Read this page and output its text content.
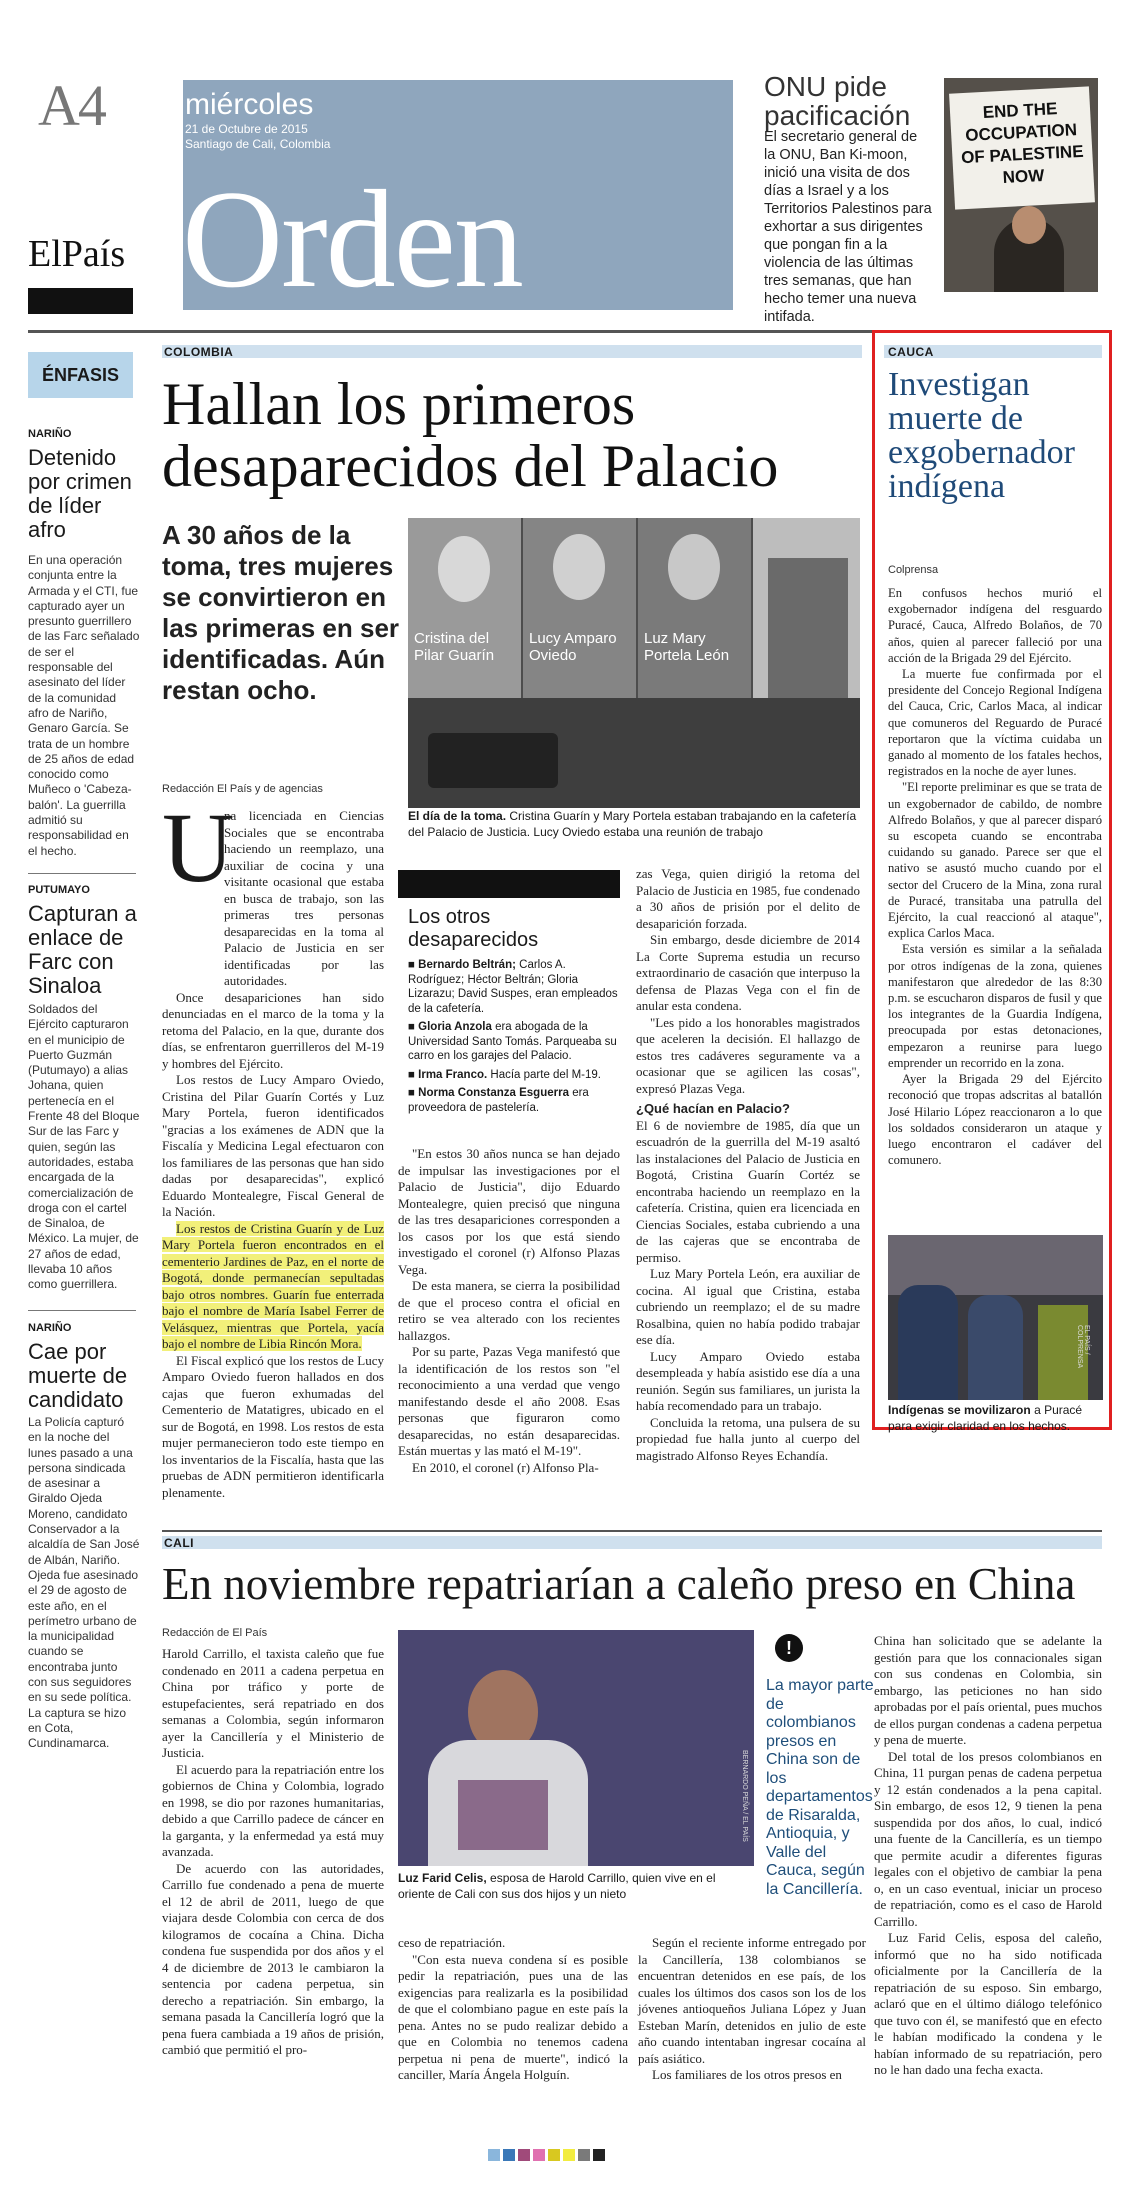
A4
ElPaís
miércoles
21 de Octubre de 2015
Santiago de Cali, Colombia
Orden
ONU pide pacificación
El secretario general de la ONU, Ban Ki-moon, inició una visita de dos días a Israel y a los Territorios Palestinos para exhortar a sus dirigentes que pongan fin a la violencia de las últimas tres semanas, que han hecho temer una nueva intifada.
END THE OCCUPATION OF PALESTINE NOW
ÉNFASIS
NARIÑO
Detenido por crimen de líder afro
En una operación conjunta entre la Armada y el CTI, fue capturado ayer un presunto guerrillero de las Farc señalado de ser el responsable del asesinato del líder de la comunidad afro de Nariño, Genaro García. Se trata de un hombre de 25 años de edad conocido como Muñeco o 'Cabeza-balón'. La guerrilla admitió su responsabilidad en el hecho.
PUTUMAYO
Capturan a enlace de Farc con Sinaloa
Soldados del Ejército capturaron en el municipio de Puerto Guzmán (Putumayo) a alias Johana, quien pertenecía en el Frente 48 del Bloque Sur de las Farc y quien, según las autoridades, estaba encargada de la comercialización de droga con el cartel de Sinaloa, de México. La mujer, de 27 años de edad, llevaba 10 años como guerrillera.
NARIÑO
Cae por muerte de candidato
La Policía capturó en la noche del lunes pasado a una persona sindicada de asesinar a Giraldo Ojeda Moreno, candidato Conservador a la alcaldía de San José de Albán, Nariño. Ojeda fue asesinado el 29 de agosto de este año, en el perímetro urbano de la municipalidad cuando se encontraba junto con sus seguidores en su sede política. La captura se hizo en Cota, Cundinamarca.
COLOMBIA
Hallan los primeros desaparecidos del Palacio
A 30 años de la toma, tres mujeres se convirtieron en las primeras en ser identificadas. Aún restan ocho.
Cristina del Pilar Guarín
Lucy Amparo Oviedo
Luz Mary Portela León
El día de la toma. Cristina Guarín y Mary Portela estaban trabajando en la cafetería del Palacio de Justicia. Lucy Oviedo estaba una reunión de trabajo
Redacción El País y de agencias
U

na licenciada en Ciencias Sociales que se encontraba haciendo un reemplazo, una auxiliar de cocina y una visitante ocasional que estaba en busca de trabajo, son las primeras tres personas desaparecidas en la toma al Palacio de Justicia en ser identificadas por las autoridades.

Once desapariciones han sido denunciadas en el marco de la toma y la retoma del Palacio, en la que, durante dos días, se enfrentaron guerrilleros del M-19 y hombres del Ejército.

Los restos de Lucy Amparo Oviedo, Cristina del Pilar Guarín Cortés y Luz Mary Portela, fueron identificados "gracias a los exámenes de ADN que la Fiscalía y Medicina Legal efectuaron con los familiares de las personas que han sido dadas por desaparecidas", explicó Eduardo Montealegre, Fiscal General de la Nación.

Los restos de Cristina Guarín y de Luz Mary Portela fueron encontrados en el cementerio Jardines de Paz, en el norte de Bogotá, donde permanecían sepultadas bajo otros nombres. Guarín fue enterrada bajo el nombre de María Isabel Ferrer de Velásquez, mientras que Portela, yacía bajo el nombre de Libia Rincón Mora.

El Fiscal explicó que los restos de Lucy Amparo Oviedo fueron hallados en dos cajas que fueron exhumadas del Cementerio de Matatigres, ubicado en el sur de Bogotá, en 1998. Los restos de esta mujer permanecieron todo este tiempo en los inventarios de la Fiscalía, hasta que las pruebas de ADN permitieron identificarla plenamente.

Los otros desaparecidos

■ Bernardo Beltrán; Carlos A. Rodríguez; Héctor Beltrán; Gloria Lizarazu; David Suspes, eran empleados de la cafetería.

■ Gloria Anzola era abogada de la Universidad Santo Tomás. Parqueaba su carro en los garajes del Palacio.

■ Irma Franco. Hacía parte del M-19.

■ Norma Constanza Esguerra era proveedora de pastelería.

"En estos 30 años nunca se han dejado de impulsar las investigaciones por el Palacio de Justicia", dijo Eduardo Montealegre, quien precisó que ninguna de las tres desapariciones corresponden a los casos por los que está siendo investigado el coronel (r) Alfonso Plazas Vega.

De esta manera, se cierra la posibilidad de que el proceso contra el oficial en retiro se vea alterado con los recientes hallazgos.

Por su parte, Pazas Vega manifestó que la identificación de los restos son "el reconocimiento a una verdad que vengo manifestando desde el año 2008. Esas personas que figuraron como desaparecidas, no están desaparecidas. Están muertas y las mató el M-19".

En 2010, el coronel (r) Alfonso Pla-

zas Vega, quien dirigió la retoma del Palacio de Justicia en 1985, fue condenado a 30 años de prisión por el delito de desaparición forzada.

Sin embargo, desde diciembre de 2014 La Corte Suprema estudia un recurso extraordinario de casación que interpuso la defensa de Plazas Vega con el fin de anular esta condena.

"Les pido a los honorables magistrados que aceleren la decisión. El hallazgo de estos tres cadáveres seguramente va a ocasionar que se agilicen las cosas", expresó Plazas Vega.

¿Qué hacían en Palacio?

El 6 de noviembre de 1985, día que un escuadrón de la guerrilla del M-19 asaltó las instalaciones del Palacio de Justicia en Bogotá, Cristina Guarín Cortéz se encontraba haciendo un reemplazo en la cafetería. Cristina, quien era licenciada en Ciencias Sociales, estaba cubriendo a una de las cajeras que se encontraba de permiso.

Luz Mary Portela León, era auxiliar de cocina. Al igual que Cristina, estaba cubriendo un reemplazo; el de su madre Rosalbina, quien no había podido trabajar ese día.

Lucy Amparo Oviedo estaba desempleada y había asistido ese día a una reunión. Según sus familiares, un jurista la había recomendado para un trabajo.

Concluida la retoma, una pulsera de su propiedad fue halla junto al cuerpo del magistrado Alfonso Reyes Echandía.

CAUCA
Investigan muerte de exgobernador indígena
Colprensa

En confusos hechos murió el exgobernador indígena del resguardo Puracé, Cauca, Alfredo Bolaños, de 70 años, quien al parecer falleció por una acción de la Brigada 29 del Ejército.

La muerte fue confirmada por el presidente del Concejo Regional Indígena del Cauca, Cric, Carlos Maca, al indicar que comuneros del Reguardo de Puracé reportaron que la víctima cuidaba un ganado al momento de los fatales hechos, registrados en la noche de ayer lunes.

"El reporte preliminar es que se trata de un exgobernador de cabildo, de nombre Alfredo Bolaños, y que al parecer disparó su escopeta cuando se encontraba cuidando su ganado. Parece ser que el nativo se asustó mucho cuando por el sector del Crucero de la Mina, zona rural de Puracé, transitaba una patrulla del Ejército, la cual reaccionó al ataque", explica Carlos Maca.

Esta versión es similar a la señalada por otros indígenas de la zona, quienes manifestaron que alrededor de las 8:30 p.m. se escucharon disparos de fusil y que los integrantes de la Guardia Indígena, preocupada por estas detonaciones, empezaron a reunirse para luego emprender un recorrido en la zona.

Ayer la Brigada 29 del Ejército reconoció que tropas adscritas al batallón José Hilario López reaccionaron a lo que los soldados consideraron un ataque y luego encontraron el cadáver del comunero.

EL PAÍS / COLPRENSA
Indígenas se movilizaron a Puracé para exigir claridad en los hechos.
CALI
En noviembre repatriarían a caleño preso en China
Redacción de El País

Harold Carrillo, el taxista caleño que fue condenado en 2011 a cadena perpetua en China por tráfico y porte de estupefacientes, será repatriado en dos semanas a Colombia, según informaron ayer la Cancillería y el Ministerio de Justicia.

El acuerdo para la repatriación entre los gobiernos de China y Colombia, logrado en 1998, se dio por razones humanitarias, debido a que Carrillo padece de cáncer en la garganta, y la enfermedad ya está muy avanzada.

De acuerdo con las autoridades, Carrillo fue condenado a pena de muerte el 12 de abril de 2011, luego de que viajara desde Colombia con cerca de dos kilogramos de cocaína a China. Dicha condena fue suspendida por dos años y el 4 de diciembre de 2013 le cambiaron la sentencia por cadena perpetua, sin derecho a repatriación. Sin embargo, la semana pasada la Cancillería logró que la pena fuera cambiada a 19 años de prisión, cambió que permitió el pro-

BERNARDO PEÑA / EL PAÍS
Luz Farid Celis, esposa de Harold Carrillo, quien vive en el oriente de Cali con sus dos hijos y un nieto
!
La mayor parte de colombianos presos en China son de los departamentos de Risaralda, Antioquia, y Valle del Cauca, según la Cancillería.

ceso de repatriación.

"Con esta nueva condena sí es posible pedir la repatriación, pues una de las exigencias para realizarla es la posibilidad de que el colombiano pague en este país la pena. Antes no se pudo realizar debido a que en Colombia no tenemos cadena perpetua ni pena de muerte", indicó la canciller, María Ángela Holguín.

Según el reciente informe entregado por la Cancillería, 138 colombianos se encuentran detenidos en ese país, de los cuales los últimos dos casos son los de los jóvenes antioqueños Juliana López y Juan Esteban Marín, detenidos en julio de este año cuando intentaban ingresar cocaína al país asiático.

Los familiares de los otros presos en

China han solicitado que se adelante la gestión para que los connacionales sigan con sus condenas en Colombia, sin embargo, las peticiones no han sido aprobadas por el país oriental, pues muchos de ellos purgan condenas a cadena perpetua y pena de muerte.

Del total de los presos colombianos en China, 11 purgan penas de cadena perpetua y 12 están condenados a la pena capital. Sin embargo, de esos 12, 9 tienen la pena suspendida por dos años, lo cual, indicó una fuente de la Cancillería, es un tiempo que permite acudir a diferentes figuras legales con el objetivo de cambiar la pena o, en un caso eventual, iniciar un proceso de repatriación, como es el caso de Harold Carrillo.

Luz Farid Celis, esposa del caleño, informó que no ha sido notificada oficialmente por la Cancillería de la repatriación de su esposo. Sin embargo, aclaró que en el último diálogo telefónico que tuvo con él, se manifestó que en efecto le habían modificado la condena y le habían informado de su repatriación, pero no le han dado una fecha exacta.
